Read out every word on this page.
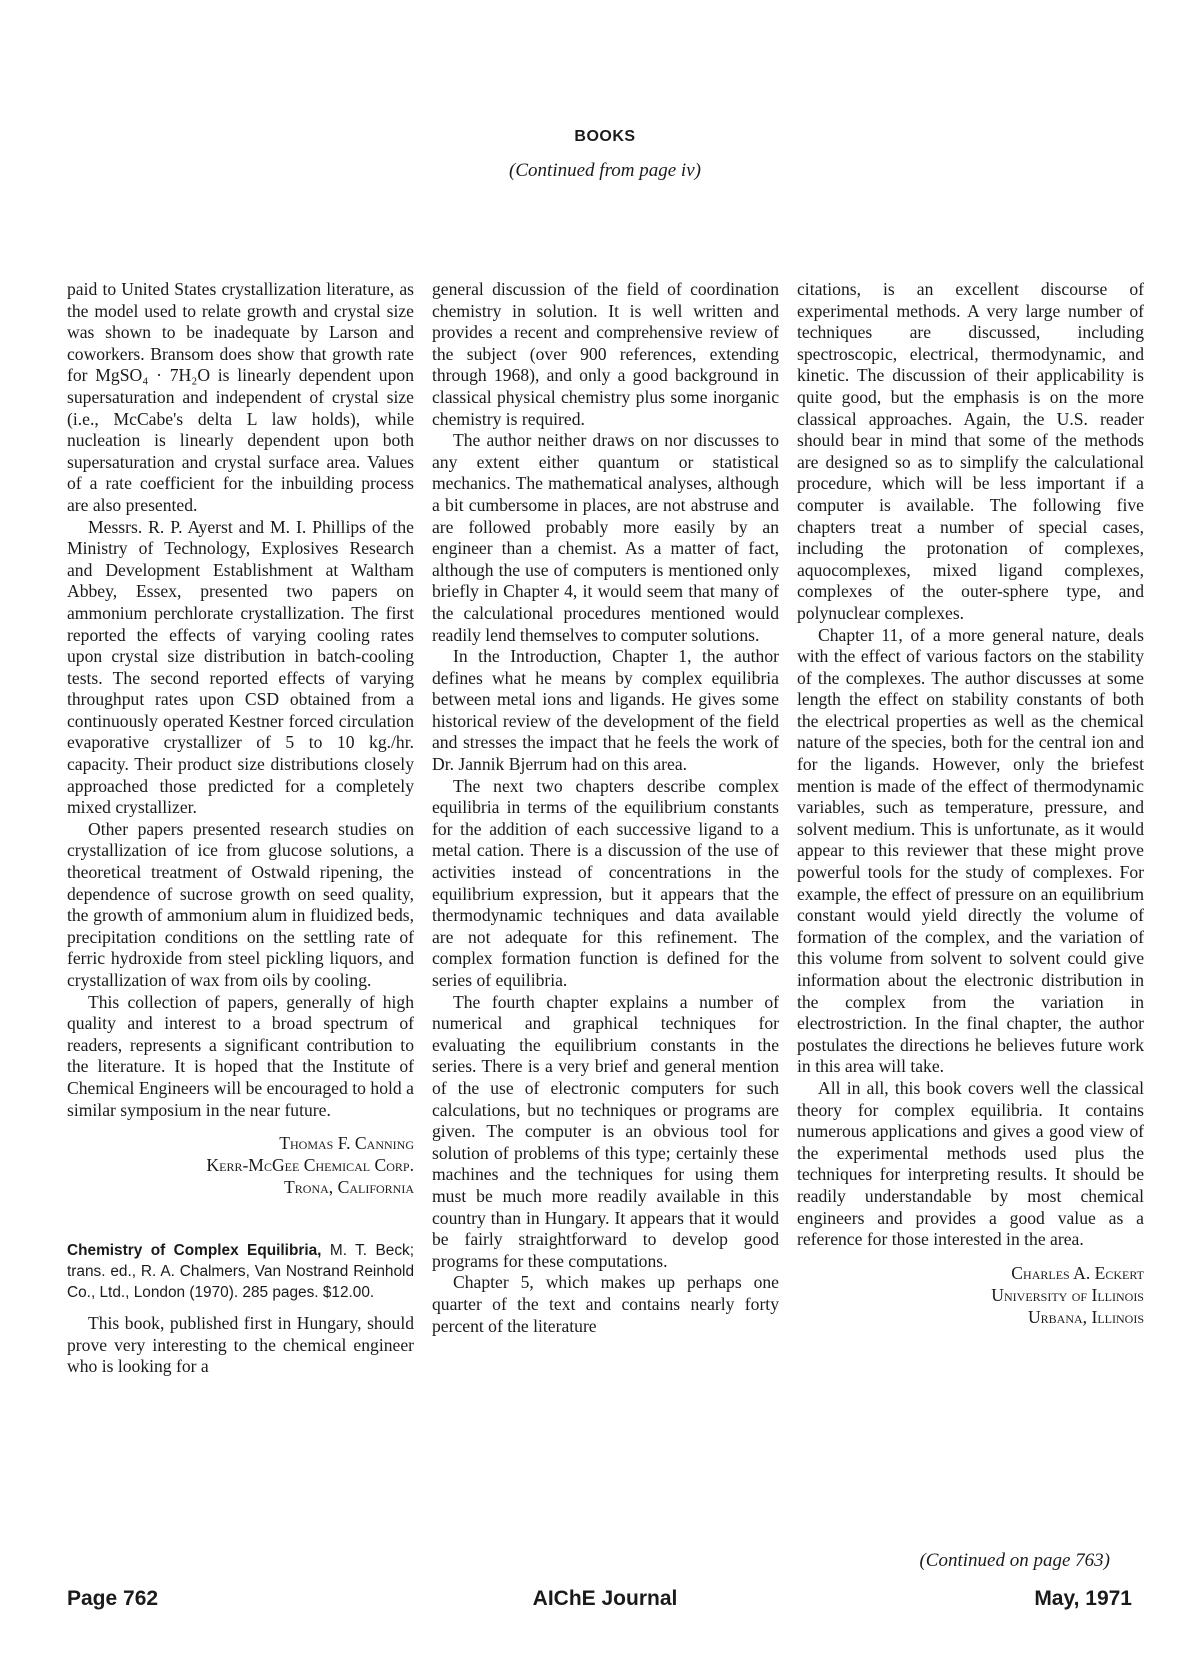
BOOKS
(Continued from page iv)

paid to United States crystallization literature, as the model used to relate growth and crystal size was shown to be inadequate by Larson and coworkers. Bransom does show that growth rate for MgSO₄ · 7H₂O is linearly dependent upon supersaturation and independent of crystal size (i.e., McCabe's delta L law holds), while nucleation is linearly dependent upon both supersaturation and crystal surface area. Values of a rate coefficient for the inbuilding process are also presented.

Messrs. R. P. Ayerst and M. I. Phillips of the Ministry of Technology, Explosives Research and Development Establishment at Waltham Abbey, Essex, presented two papers on ammonium perchlorate crystallization. The first reported the effects of varying cooling rates upon crystal size distribution in batch-cooling tests. The second reported effects of varying throughput rates upon CSD obtained from a continuously operated Kestner forced circulation evaporative crystallizer of 5 to 10 kg./hr. capacity. Their product size distributions closely approached those predicted for a completely mixed crystallizer.

Other papers presented research studies on crystallization of ice from glucose solutions, a theoretical treatment of Ostwald ripening, the dependence of sucrose growth on seed quality, the growth of ammonium alum in fluidized beds, precipitation conditions on the settling rate of ferric hydroxide from steel pickling liquors, and crystallization of wax from oils by cooling.

This collection of papers, generally of high quality and interest to a broad spectrum of readers, represents a significant contribution to the literature. It is hoped that the Institute of Chemical Engineers will be encouraged to hold a similar symposium in the near future.

Thomas F. Canning

Kerr-McGee Chemical Corp.

Trona, California

Chemistry of Complex Equilibria, M. T. Beck; trans. ed., R. A. Chalmers, Van Nostrand Reinhold Co., Ltd., London (1970). 285 pages. $12.00.

This book, published first in Hungary, should prove very interesting to the chemical engineer who is looking for a

general discussion of the field of coordination chemistry in solution. It is well written and provides a recent and comprehensive review of the subject (over 900 references, extending through 1968), and only a good background in classical physical chemistry plus some inorganic chemistry is required.

The author neither draws on nor discusses to any extent either quantum or statistical mechanics. The mathematical analyses, although a bit cumbersome in places, are not abstruse and are followed probably more easily by an engineer than a chemist. As a matter of fact, although the use of computers is mentioned only briefly in Chapter 4, it would seem that many of the calculational procedures mentioned would readily lend themselves to computer solutions.

In the Introduction, Chapter 1, the author defines what he means by complex equilibria between metal ions and ligands. He gives some historical review of the development of the field and stresses the impact that he feels the work of Dr. Jannik Bjerrum had on this area.

The next two chapters describe complex equilibria in terms of the equilibrium constants for the addition of each successive ligand to a metal cation. There is a discussion of the use of activities instead of concentrations in the equilibrium expression, but it appears that the thermodynamic techniques and data available are not adequate for this refinement. The complex formation function is defined for the series of equilibria.

The fourth chapter explains a number of numerical and graphical techniques for evaluating the equilibrium constants in the series. There is a very brief and general mention of the use of electronic computers for such calculations, but no techniques or programs are given. The computer is an obvious tool for solution of problems of this type; certainly these machines and the techniques for using them must be much more readily available in this country than in Hungary. It appears that it would be fairly straightforward to develop good programs for these computations.

Chapter 5, which makes up perhaps one quarter of the text and contains nearly forty percent of the literature

citations, is an excellent discourse of experimental methods. A very large number of techniques are discussed, including spectroscopic, electrical, thermodynamic, and kinetic. The discussion of their applicability is quite good, but the emphasis is on the more classical approaches. Again, the U.S. reader should bear in mind that some of the methods are designed so as to simplify the calculational procedure, which will be less important if a computer is available. The following five chapters treat a number of special cases, including the protonation of complexes, aquocomplexes, mixed ligand complexes, complexes of the outer-sphere type, and polynuclear complexes.

Chapter 11, of a more general nature, deals with the effect of various factors on the stability of the complexes. The author discusses at some length the effect on stability constants of both the electrical properties as well as the chemical nature of the species, both for the central ion and for the ligands. However, only the briefest mention is made of the effect of thermodynamic variables, such as temperature, pressure, and solvent medium. This is unfortunate, as it would appear to this reviewer that these might prove powerful tools for the study of complexes. For example, the effect of pressure on an equilibrium constant would yield directly the volume of formation of the complex, and the variation of this volume from solvent to solvent could give information about the electronic distribution in the complex from the variation in electrostriction. In the final chapter, the author postulates the directions he believes future work in this area will take.

All in all, this book covers well the classical theory for complex equilibria. It contains numerous applications and gives a good view of the experimental methods used plus the techniques for interpreting results. It should be readily understandable by most chemical engineers and provides a good value as a reference for those interested in the area.

Charles A. Eckert

University of Illinois

Urbana, Illinois

(Continued on page 763)
Page 762	AIChE Journal	May, 1971
